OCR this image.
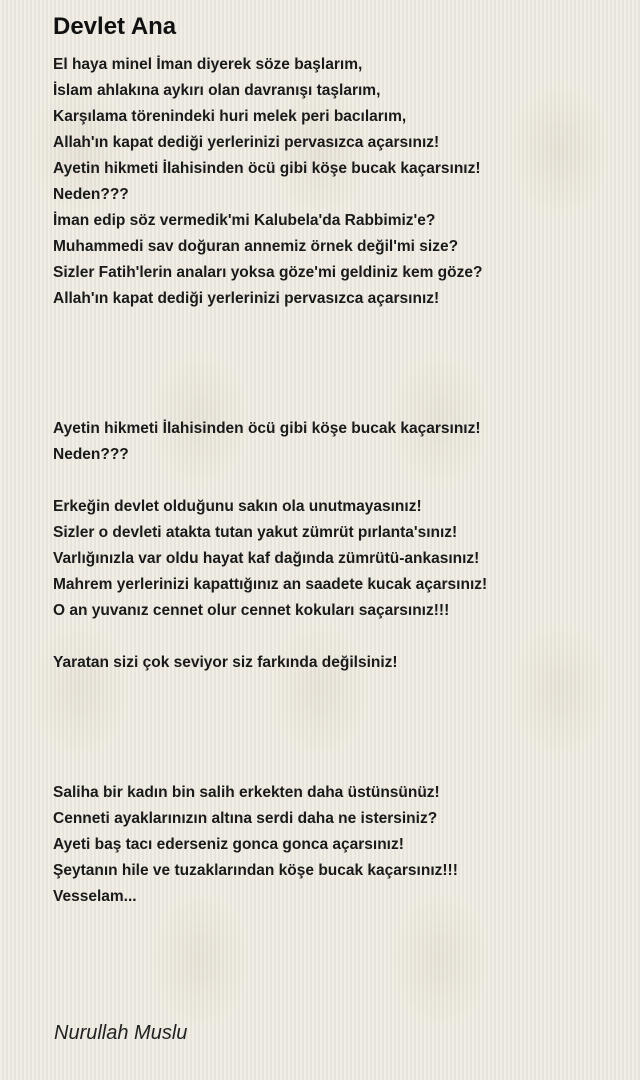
Devlet Ana
El haya minel İman diyerek söze başlarım,
İslam ahlakına aykırı olan davranışı taşlarım,
Karşılama törenindeki huri melek peri bacılarım,
Allah'ın kapat dediği yerlerinizi pervasızca açarsınız!
Ayetin hikmeti İlahisinden öcü gibi köşe bucak kaçarsınız!
Neden???
İman edip söz vermedik'mi Kalubela'da Rabbimiz'e?
Muhammedi sav doğuran annemiz örnek değil'mi size?
Sizler Fatih'lerin anaları yoksa göze'mi geldiniz kem göze?
Allah'ın kapat dediği yerlerinizi pervasızca açarsınız!
Ayetin hikmeti İlahisinden öcü gibi köşe bucak kaçarsınız!
Neden???
Erkeğin devlet olduğunu sakın ola unutmayasınız!
Sizler o devleti atakta tutan yakut zümrüt pırlanta'sınız!
Varlığınızla var oldu hayat kaf dağında zümrütü-ankasınız!
Mahrem yerlerinizi kapattığınız an saadete kucak açarsınız!
O an yuvanız cennet olur cennet kokuları saçarsınız!!!
Yaratan sizi çok seviyor siz farkında değilsiniz!
Saliha bir kadın bin salih erkekten daha üstünsünüz!
Cenneti ayaklarınızın altına serdi daha ne istersiniz?
Ayeti baş tacı ederseniz gonca gonca açarsınız!
Şeytanın hile ve tuzaklarından köşe bucak kaçarsınız!!!
Vesselam...
Nurullah Muslu
